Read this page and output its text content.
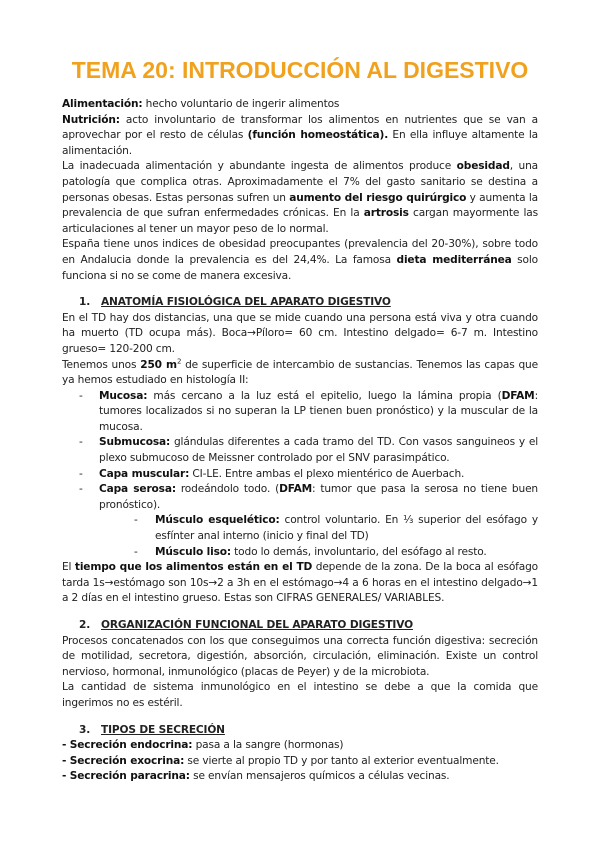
TEMA 20: INTRODUCCIÓN AL DIGESTIVO
Alimentación: hecho voluntario de ingerir alimentos
Nutrición: acto involuntario de transformar los alimentos en nutrientes que se van a aprovechar por el resto de células (función homeostática). En ella influye altamente la alimentación.
La inadecuada alimentación y abundante ingesta de alimentos produce obesidad, una patología que complica otras. Aproximadamente el 7% del gasto sanitario se destina a personas obesas. Estas personas sufren un aumento del riesgo quirúrgico y aumenta la prevalencia de que sufran enfermedades crónicas. En la artrosis cargan mayormente las articulaciones al tener un mayor peso de lo normal.
España tiene unos indices de obesidad preocupantes (prevalencia del 20-30%), sobre todo en Andalucia donde la prevalencia es del 24,4%. La famosa dieta mediterránea solo funciona si no se come de manera excesiva.
1. ANATOMÍA FISIOLÓGICA DEL APARATO DIGESTIVO
En el TD hay dos distancias, una que se mide cuando una persona está viva y otra cuando ha muerto (TD ocupa más). Boca→Píloro= 60 cm. Intestino delgado= 6-7 m. Intestino grueso= 120-200 cm.
Tenemos unos 250 $m^2$ de superficie de intercambio de sustancias. Tenemos las capas que ya hemos estudiado en histología II:
- Mucosa: más cercano a la luz está el epitelio, luego la lámina propia (DFAM: tumores localizados si no superan la LP tienen buen pronóstico) y la muscular de la mucosa.
- Submucosa: glándulas diferentes a cada tramo del TD. Con vasos sanguineos y el plexo submucoso de Meissner controlado por el SNV parasimpático.
- Capa muscular: CI-LE. Entre ambas el plexo mientérico de Auerbach.
- Capa serosa: rodeándolo todo. (DFAM: tumor que pasa la serosa no tiene buen pronóstico).
- Músculo esquelético: control voluntario. En ⅓ superior del esófago y esfínter anal interno (inicio y final del TD)
- Músculo liso: todo lo demás, involuntario, del esófago al resto.
El tiempo que los alimentos están en el TD depende de la zona. De la boca al esófago tarda 1s→estómago son 10s→2 a 3h en el estómago→4 a 6 horas en el intestino delgado→1 a 2 días en el intestino grueso. Estas son CIFRAS GENERALES/ VARIABLES.
2. ORGANIZACIÓN FUNCIONAL DEL APARATO DIGESTIVO
Procesos concatenados con los que conseguimos una correcta función digestiva: secreción de motilidad, secretora, digestión, absorción, circulación, eliminación. Existe un control nervioso, hormonal, inmunológico (placas de Peyer) y de la microbiota.
La cantidad de sistema inmunológico en el intestino se debe a que la comida que ingerimos no es estéril.
3. TIPOS DE SECRECIÓN
- Secreción endocrina: pasa a la sangre (hormonas)
- Secreción exocrina: se vierte al propio TD y por tanto al exterior eventualmente.
- Secreción paracrina: se envían mensajeros químicos a células vecinas.
